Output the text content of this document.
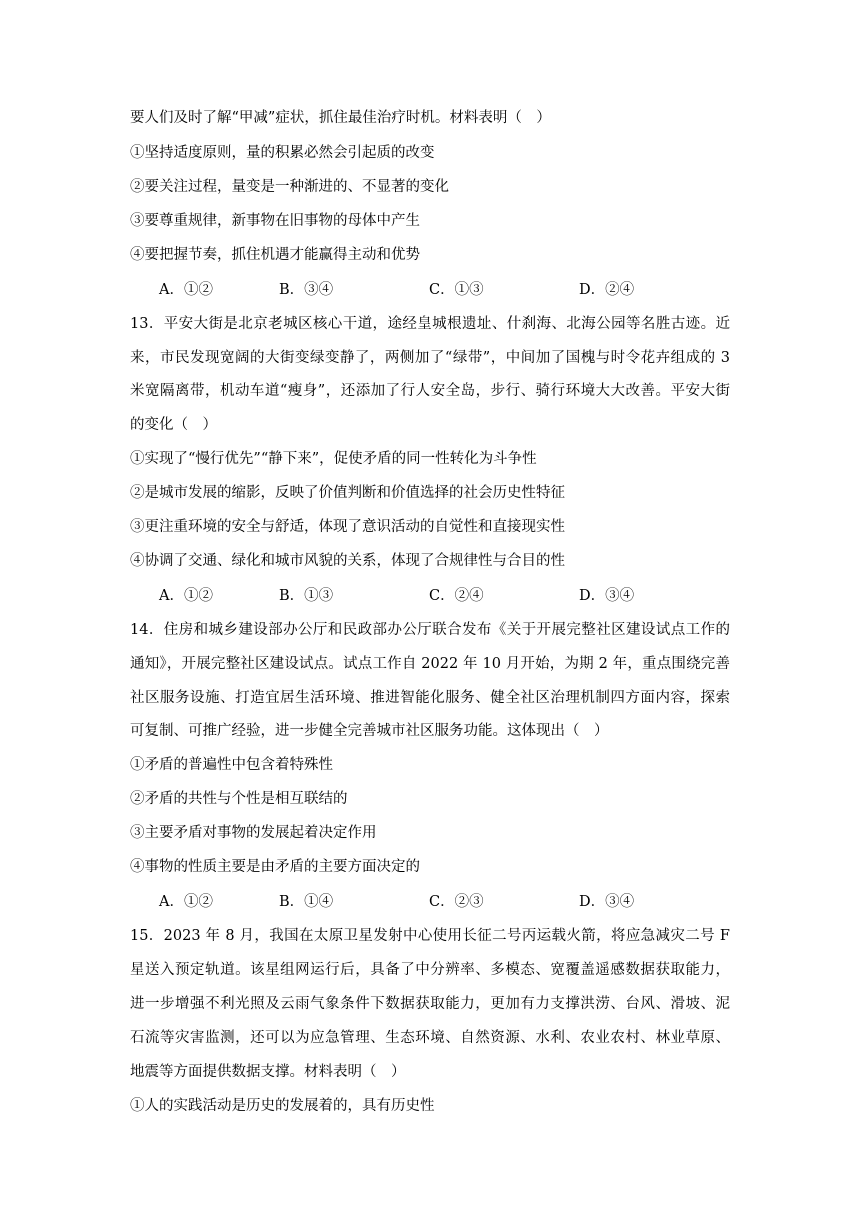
要人们及时了解“甲减”症状，抓住最佳治疗时机。材料表明（　）
①坚持适度原则，量的积累必然会引起质的改变
②要关注过程，量变是一种渐进的、不显著的变化
③要尊重规律，新事物在旧事物的母体中产生
④要把握节奏，抓住机遇才能赢得主动和优势
A．①②	B．③④	C．①③	D．②④
13．平安大街是北京老城区核心干道，途经皇城根遗址、什刹海、北海公园等名胜古迹。近
来，市民发现宽阔的大街变绿变静了，两侧加了“绿带”，中间加了国槐与时令花卉组成的 3
米宽隔离带，机动车道“瘦身”，还添加了行人安全岛，步行、骑行环境大大改善。平安大街
的变化（　）
①实现了“慢行优先”“静下来”，促使矛盾的同一性转化为斗争性
②是城市发展的缩影，反映了价值判断和价值选择的社会历史性特征
③更注重环境的安全与舒适，体现了意识活动的自觉性和直接现实性
④协调了交通、绿化和城市风貌的关系，体现了合规律性与合目的性
A．①②	B．①③	C．②④	D．③④
14．住房和城乡建设部办公厅和民政部办公厅联合发布《关于开展完整社区建设试点工作的
通知》，开展完整社区建设试点。试点工作自 2022 年 10 月开始，为期 2 年，重点围绕完善
社区服务设施、打造宜居生活环境、推进智能化服务、健全社区治理机制四方面内容，探索
可复制、可推广经验，进一步健全完善城市社区服务功能。这体现出（　）
①矛盾的普遍性中包含着特殊性
②矛盾的共性与个性是相互联结的
③主要矛盾对事物的发展起着决定作用
④事物的性质主要是由矛盾的主要方面决定的
A．①②	B．①④	C．②③	D．③④
15．2023 年 8 月，我国在太原卫星发射中心使用长征二号丙运载火箭，将应急减灾二号 F
星送入预定轨道。该星组网运行后，具备了中分辨率、多模态、宽覆盖遥感数据获取能力，
进一步增强不利光照及云雨气象条件下数据获取能力，更加有力支撑洪涝、台风、滑坡、泥
石流等灾害监测，还可以为应急管理、生态环境、自然资源、水利、农业农村、林业草原、
地震等方面提供数据支撑。材料表明（　）
①人的实践活动是历史的发展着的，具有历史性
